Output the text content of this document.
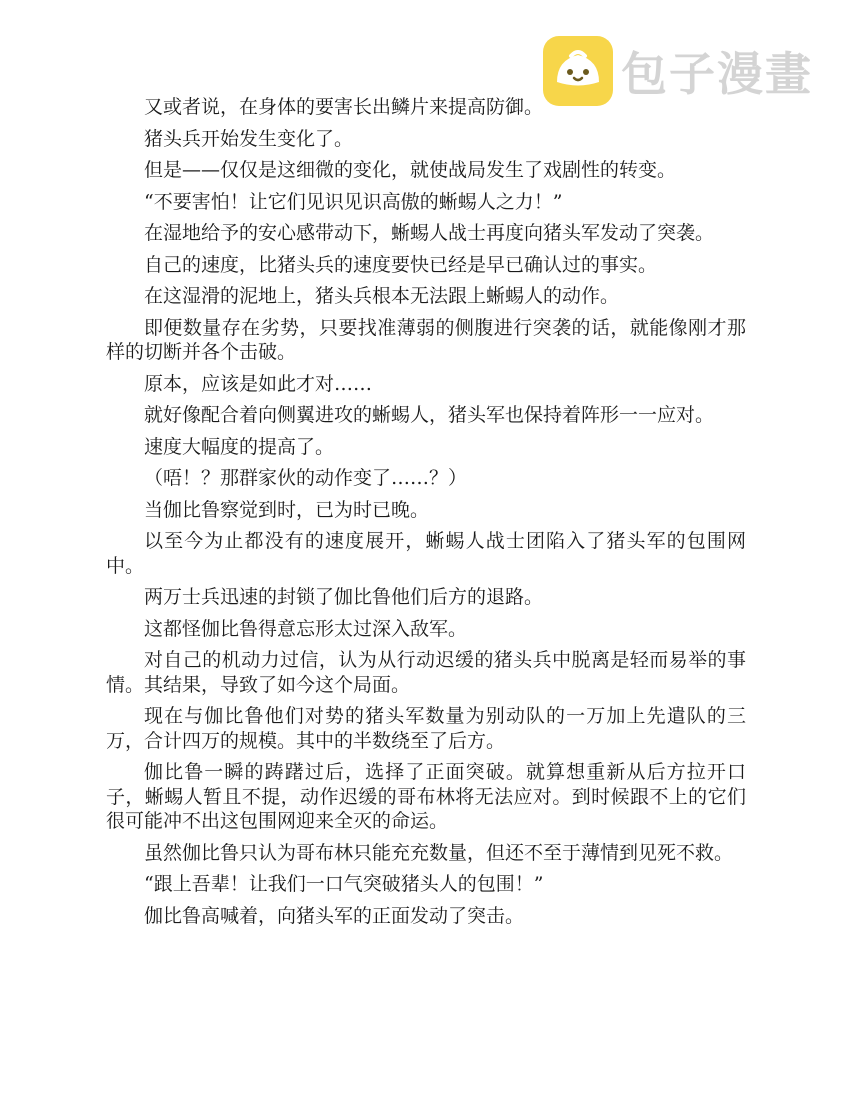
包子漫畫

又或者说，在身体的要害长出鳞片来提高防御。

猪头兵开始发生变化了。

但是——仅仅是这细微的变化，就使战局发生了戏剧性的转变。

“不要害怕！让它们见识见识高傲的蜥蜴人之力！”

在湿地给予的安心感带动下，蜥蜴人战士再度向猪头军发动了突袭。

自己的速度，比猪头兵的速度要快已经是早已确认过的事实。

在这湿滑的泥地上，猪头兵根本无法跟上蜥蜴人的动作。

即便数量存在劣势，只要找准薄弱的侧腹进行突袭的话，就能像刚才那样的切断并各个击破。

原本，应该是如此才对……

就好像配合着向侧翼进攻的蜥蜴人，猪头军也保持着阵形一一应对。

速度大幅度的提高了。

（唔！？那群家伙的动作变了……？）

当伽比鲁察觉到时，已为时已晚。

以至今为止都没有的速度展开，蜥蜴人战士团陷入了猪头军的包围网中。

两万士兵迅速的封锁了伽比鲁他们后方的退路。

这都怪伽比鲁得意忘形太过深入敌军。

对自己的机动力过信，认为从行动迟缓的猪头兵中脱离是轻而易举的事情。其结果，导致了如今这个局面。

现在与伽比鲁他们对势的猪头军数量为别动队的一万加上先遣队的三万，合计四万的规模。其中的半数绕至了后方。

伽比鲁一瞬的踌躇过后，选择了正面突破。就算想重新从后方拉开口子，蜥蜴人暂且不提，动作迟缓的哥布林将无法应对。到时候跟不上的它们很可能冲不出这包围网迎来全灭的命运。

虽然伽比鲁只认为哥布林只能充充数量，但还不至于薄情到见死不救。

“跟上吾辈！让我们一口气突破猪头人的包围！”

伽比鲁高喊着，向猪头军的正面发动了突击。
